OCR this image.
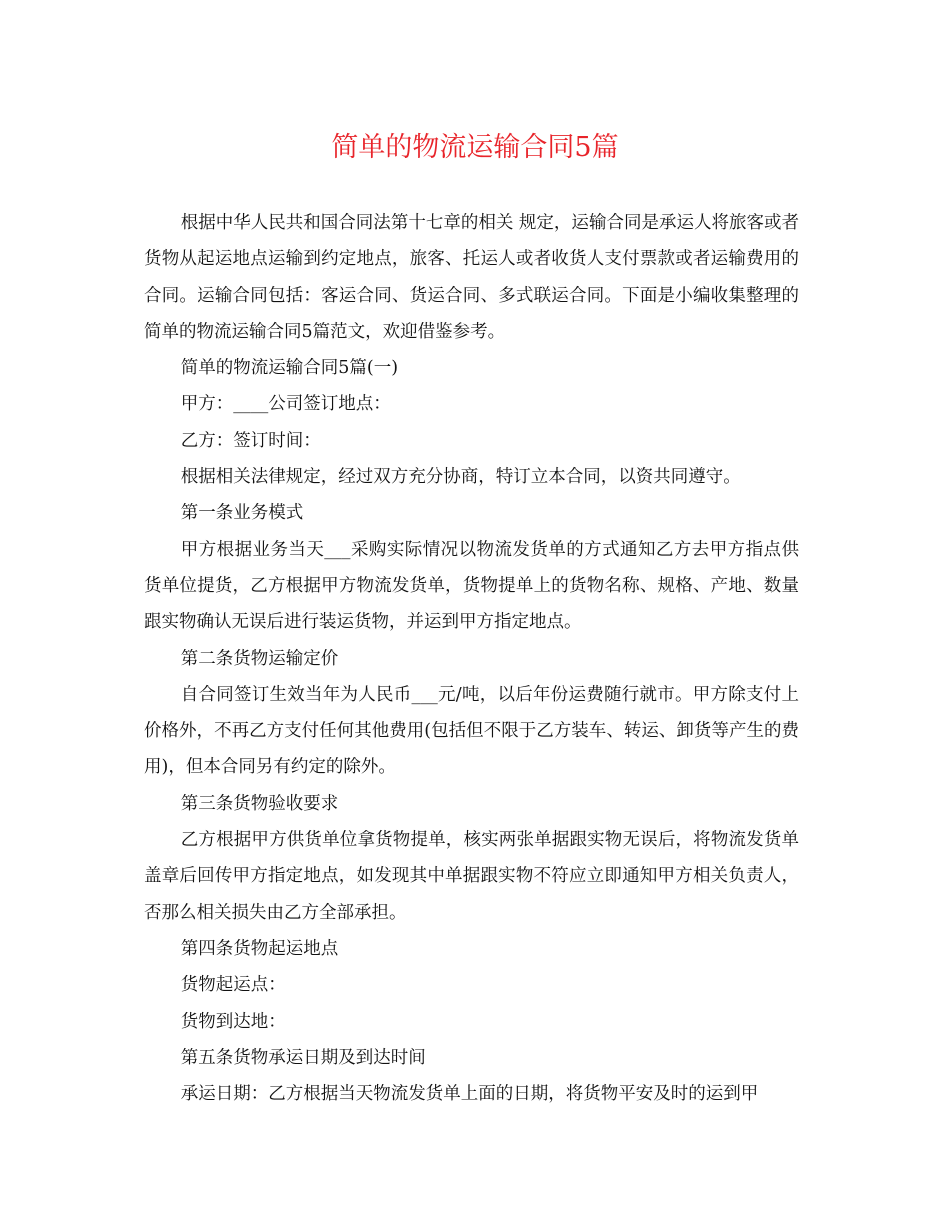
简单的物流运输合同5篇

根据中华人民共和国合同法第十七章的相关 规定，运输合同是承运人将旅客或者货物从起运地点运输到约定地点，旅客、托运人或者收货人支付票款或者运输费用的合同。运输合同包括：客运合同、货运合同、多式联运合同。下面是小编收集整理的简单的物流运输合同5篇范文，欢迎借鉴参考。

简单的物流运输合同5篇(一)

甲方：____公司签订地点：

乙方：签订时间：

根据相关法律规定，经过双方充分协商，特订立本合同，以资共同遵守。

第一条业务模式

甲方根据业务当天___采购实际情况以物流发货单的方式通知乙方去甲方指点供货单位提货，乙方根据甲方物流发货单，货物提单上的货物名称、规格、产地、数量跟实物确认无误后进行装运货物，并运到甲方指定地点。

第二条货物运输定价

自合同签订生效当年为人民币___元/吨，以后年份运费随行就市。甲方除支付上价格外，不再乙方支付任何其他费用(包括但不限于乙方装车、转运、卸货等产生的费用)，但本合同另有约定的除外。

第三条货物验收要求

乙方根据甲方供货单位拿货物提单，核实两张单据跟实物无误后，将物流发货单盖章后回传甲方指定地点，如发现其中单据跟实物不符应立即通知甲方相关负责人，否那么相关损失由乙方全部承担。

第四条货物起运地点

货物起运点：

货物到达地：

第五条货物承运日期及到达时间

承运日期：乙方根据当天物流发货单上面的日期，将货物平安及时的运到甲
